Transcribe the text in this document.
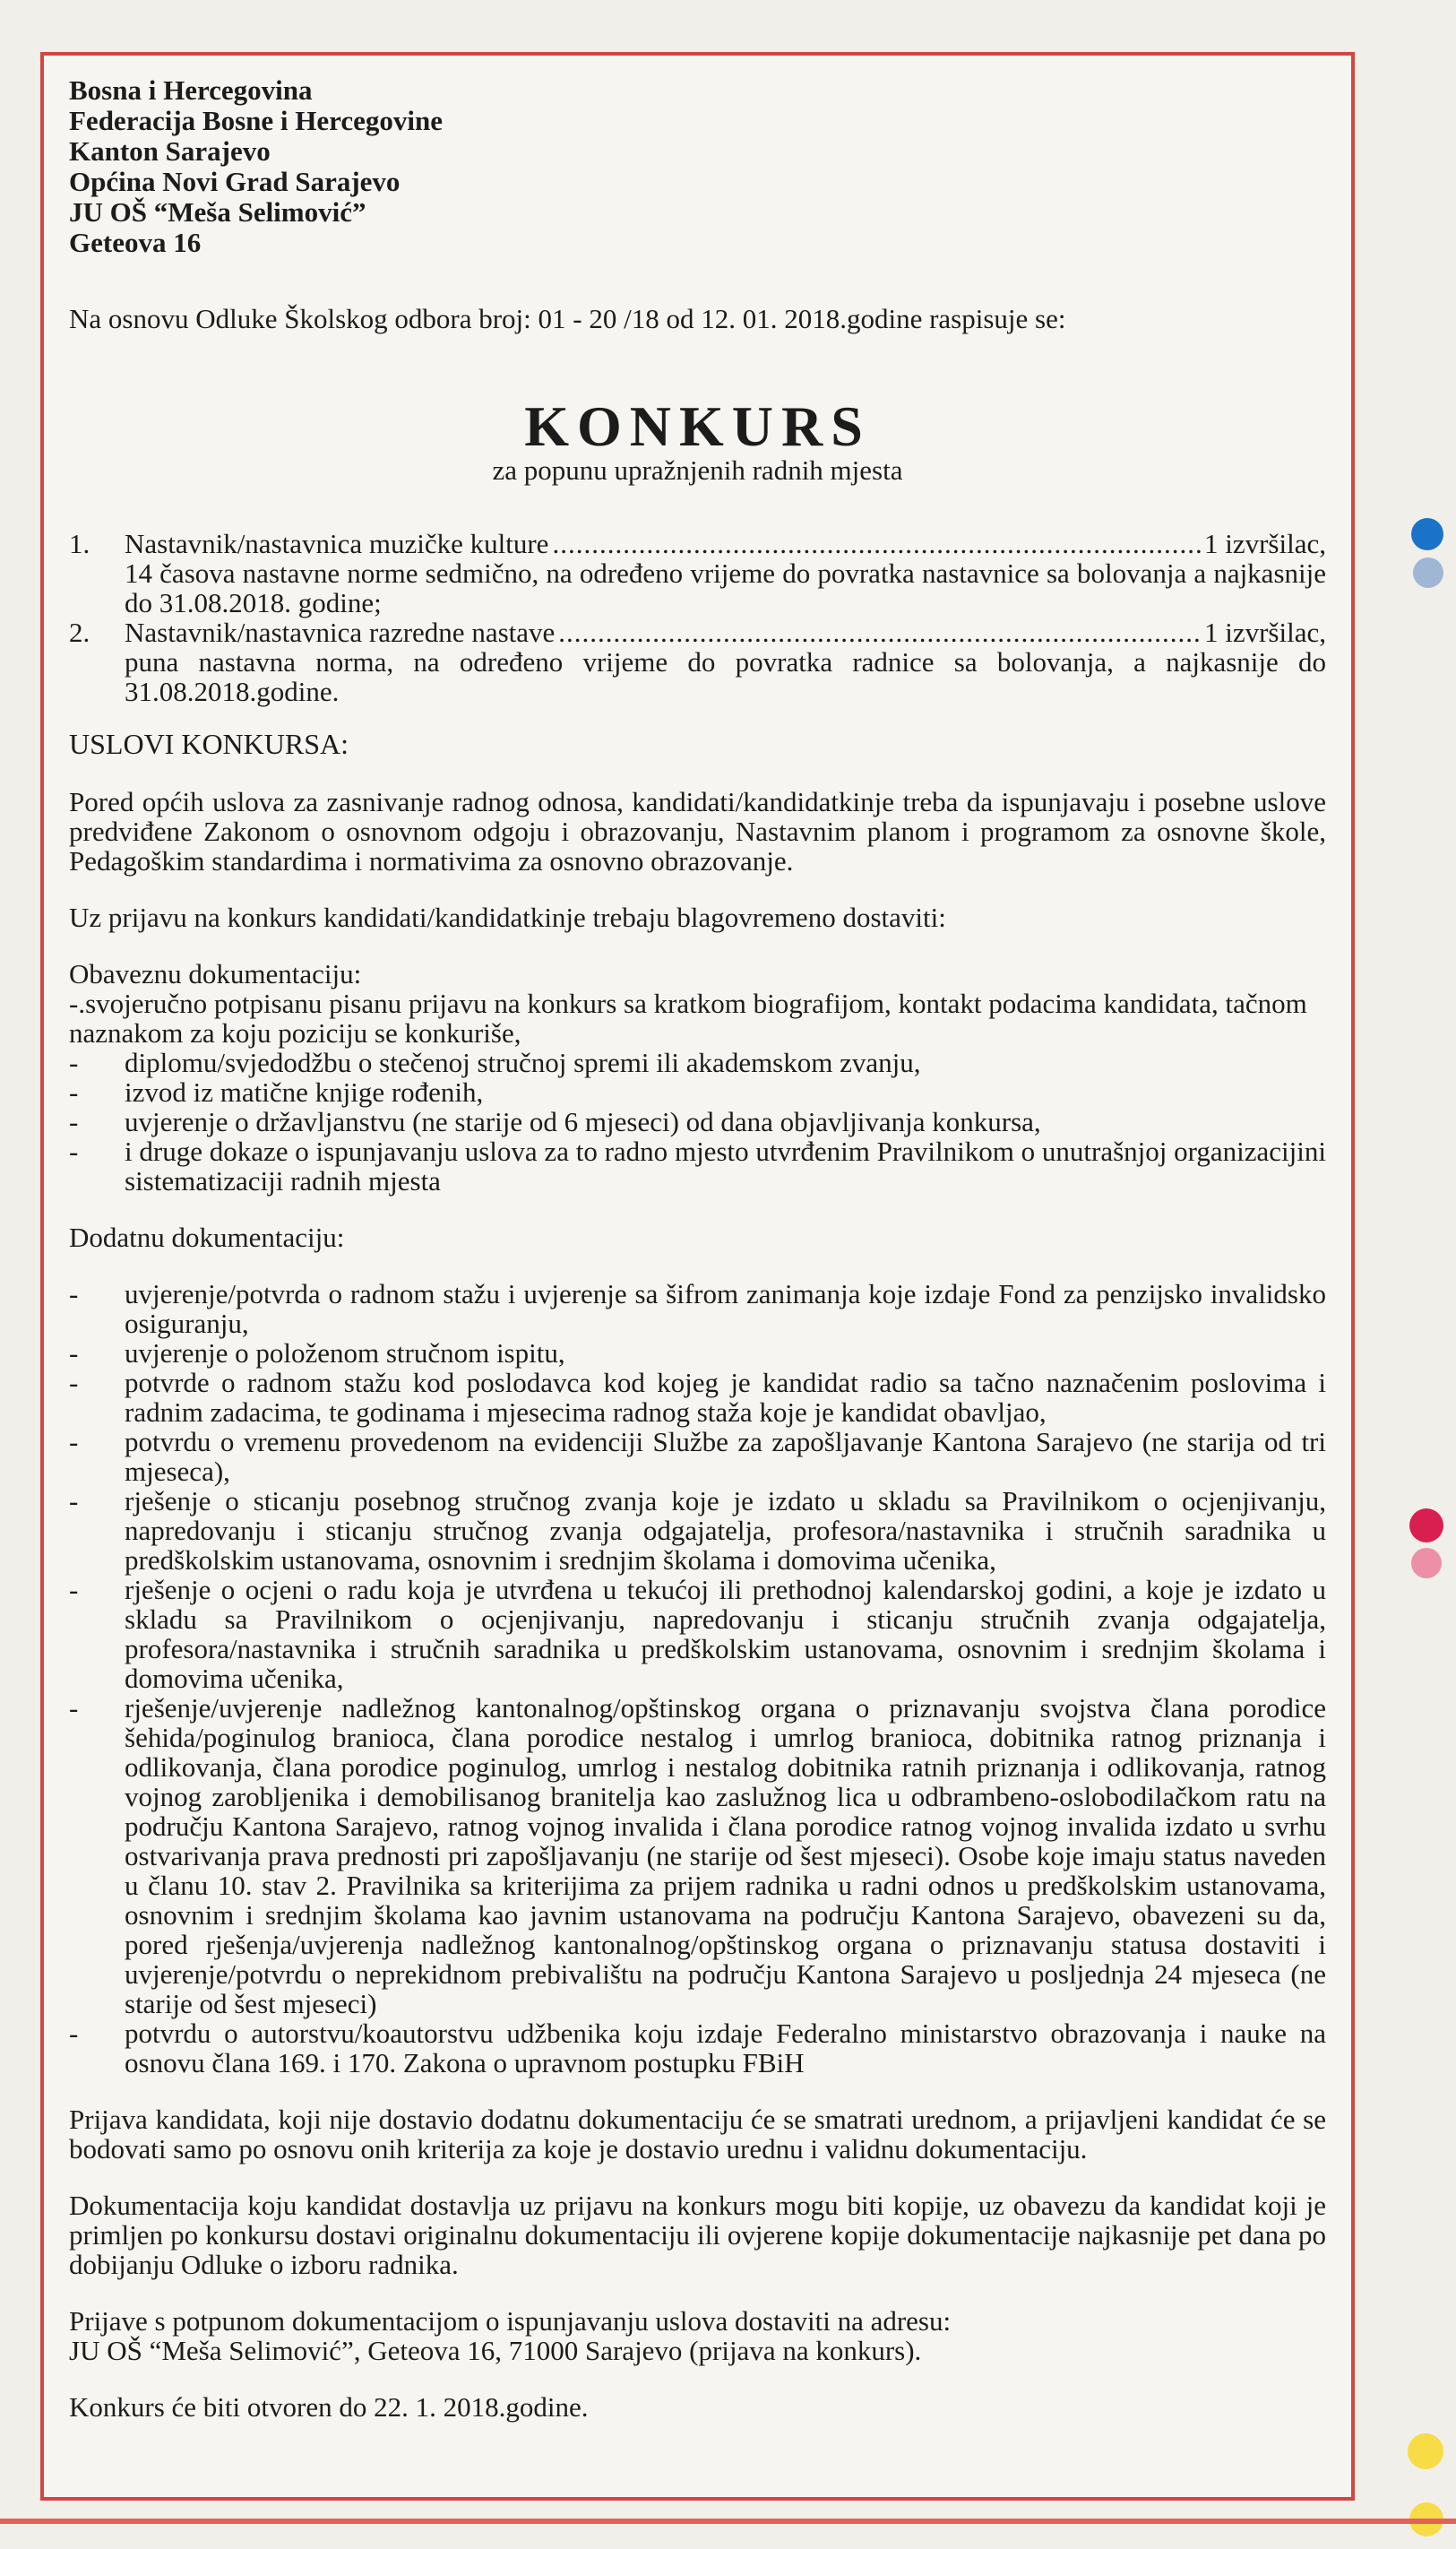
Bosna i Hercegovina

Federacija Bosne i Hercegovine

Kanton Sarajevo

Općina Novi Grad Sarajevo

JU OŠ “Meša Selimović”

Geteova 16

Na osnovu Odluke Školskog odbora broj: 01 - 20 /18 od 12. 01. 2018.godine raspisuje se:

KONKURS

za popunu upražnjenih radnih mjesta

1. Nastavnik/nastavnica muzičke kulture .....	1 izvršilac,
14 časova nastavne norme sedmično, na određeno vrijeme do povratka nastavnice sa bolovanja a najkasnije do 31.08.2018. godine;
2. Nastavnik/nastavnica razredne nastave .....	1 izvršilac,
puna nastavna norma, na određeno vrijeme do povratka radnice sa bolovanja, a najkasnije do 31.08.2018.godine.

USLOVI KONKURSA:

Pored općih uslova za zasnivanje radnog odnosa, kandidati/kandidatkinje treba da ispunjavaju i posebne uslove predviđene Zakonom o osnovnom odgoju i obrazovanju, Nastavnim planom i programom za osnovne škole, Pedagoškim standardima i normativima za osnovno obrazovanje.

Uz prijavu na konkurs kandidati/kandidatkinje trebaju blagovremeno dostaviti:

Obaveznu dokumentaciju:

-.svojeručno potpisanu pisanu prijavu na konkurs sa kratkom biografijom, kontakt podacima kandidata, tačnom naznakom za koju poziciju se konkuriše,

- diplomu/svjedodžbu o stečenoj stručnoj spremi ili akademskom zvanju,
- izvod iz matične knjige rođenih,
- uvjerenje o državljanstvu (ne starije od 6 mjeseci) od dana objavljivanja konkursa,
- i druge dokaze o ispunjavanju uslova za to radno mjesto utvrđenim Pravilnikom o unutrašnjoj organizacijini sistematizaciji radnih mjesta

Dodatnu dokumentaciju:

- uvjerenje/potvrda o radnom stažu i uvjerenje sa šifrom zanimanja koje izdaje Fond za penzijsko invalidsko osiguranju,
- uvjerenje o položenom stručnom ispitu,
- potvrde o radnom stažu kod poslodavca kod kojeg je kandidat radio sa tačno naznačenim poslovima i radnim zadacima, te godinama i mjesecima radnog staža koje je kandidat obavljao,
- potvrdu o vremenu provedenom na evidenciji Službe za zapošljavanje Kantona Sarajevo (ne starija od tri mjeseca),
- rješenje o sticanju posebnog stručnog zvanja koje je izdato u skladu sa Pravilnikom o ocjenjivanju, napredovanju i sticanju stručnog zvanja odgajatelja, profesora/nastavnika i stručnih saradnika u predškolskim ustanovama, osnovnim i srednjim školama i domovima učenika,
- rješenje o ocjeni o radu koja je utvrđena u tekućoj ili prethodnoj kalendarskoj godini, a koje je izdato u skladu sa Pravilnikom o ocjenjivanju, napredovanju i sticanju stručnih zvanja odgajatelja, profesora/nastavnika i stručnih saradnika u predškolskim ustanovama, osnovnim i srednjim školama i domovima učenika,
- rješenje/uvjerenje nadležnog kantonalnog/opštinskog organa o priznavanju svojstva člana porodice šehida/poginulog branioca, člana porodice nestalog i umrlog branioca, dobitnika ratnog priznanja i odlikovanja, člana porodice poginulog, umrlog i nestalog dobitnika ratnih priznanja i odlikovanja, ratnog vojnog zarobljenika i demobilisanog branitelja kao zaslužnog lica u odbrambeno-oslobodilačkom ratu na području Kantona Sarajevo, ratnog vojnog invalida i člana porodice ratnog vojnog invalida izdato u svrhu ostvarivanja prava prednosti pri zapošljavanju (ne starije od šest mjeseci). Osobe koje imaju status naveden u članu 10. stav 2. Pravilnika sa kriterijima za prijem radnika u radni odnos u predškolskim ustanovama, osnovnim i srednjim školama kao javnim ustanovama na području Kantona Sarajevo, obavezeni su da, pored rješenja/uvjerenja nadležnog kantonalnog/opštinskog organa o priznavanju statusa dostaviti i uvjerenje/potvrdu o neprekidnom prebivalištu na području Kantona Sarajevo u posljednja 24 mjeseca (ne starije od šest mjeseci)
- potvrdu o autorstvu/koautorstvu udžbenika koju izdaje Federalno ministarstvo obrazovanja i nauke na osnovu člana 169. i 170. Zakona o upravnom postupku FBiH

Prijava kandidata, koji nije dostavio dodatnu dokumentaciju će se smatrati urednom, a prijavljeni kandidat će se bodovati samo po osnovu onih kriterija za koje je dostavio urednu i validnu dokumentaciju.

Dokumentacija koju kandidat dostavlja uz prijavu na konkurs mogu biti kopije, uz obavezu da kandidat koji je primljen po konkursu dostavi originalnu dokumentaciju ili ovjerene kopije dokumentacije najkasnije pet dana po dobijanju Odluke o izboru radnika.

Prijave s potpunom dokumentacijom o ispunjavanju uslova dostaviti na adresu:

JU OŠ “Meša Selimović”, Geteova 16, 71000 Sarajevo (prijava na konkurs).

Konkurs će biti otvoren do 22. 1. 2018.godine.
